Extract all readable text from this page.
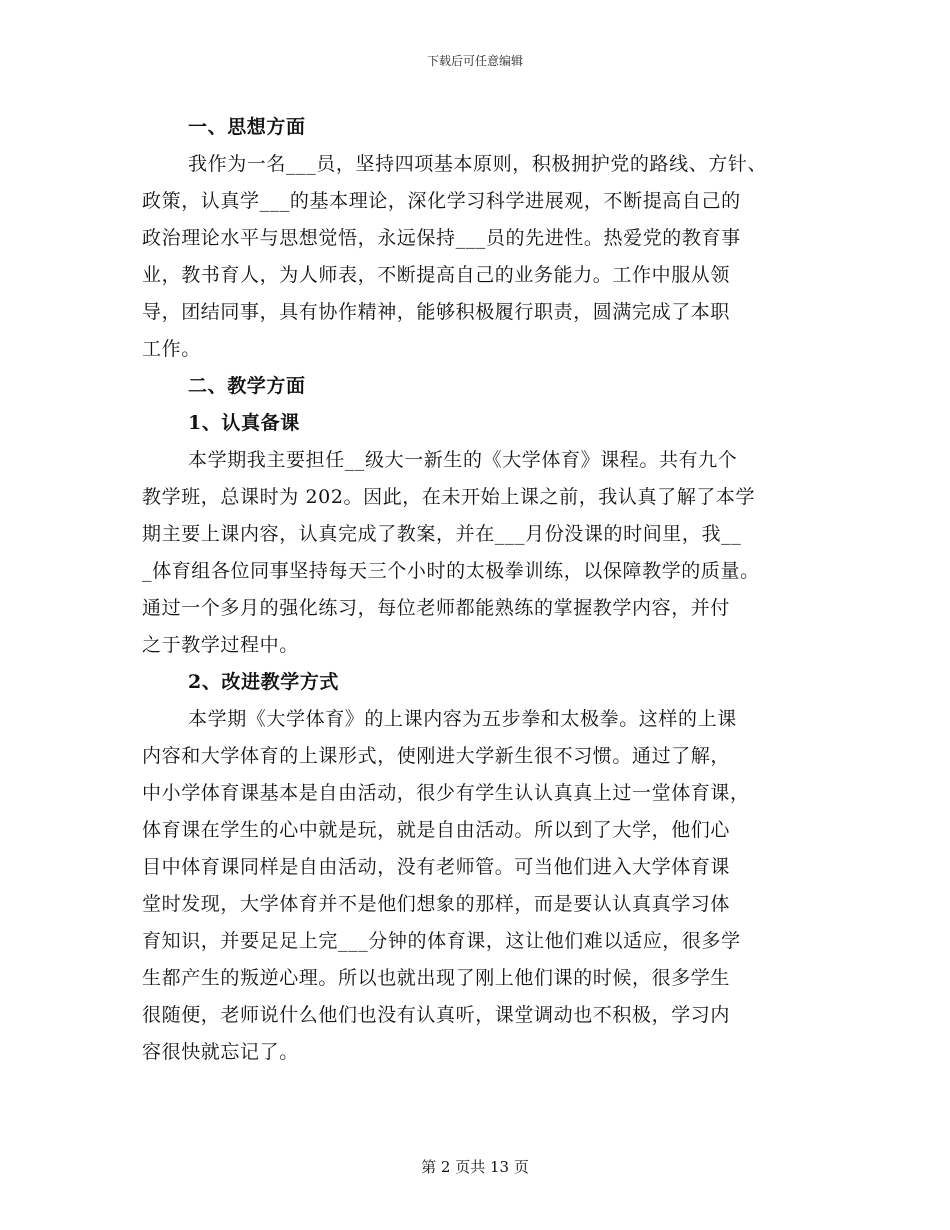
下载后可任意编辑
一、思想方面
我作为一名___员，坚持四项基本原则，积极拥护党的路线、方针、
政策，认真学___的基本理论，深化学习科学进展观，不断提高自己的
政治理论水平与思想觉悟，永远保持___员的先进性。热爱党的教育事
业，教书育人，为人师表，不断提高自己的业务能力。工作中服从领
导，团结同事，具有协作精神，能够积极履行职责，圆满完成了本职
工作。
二、教学方面
1、认真备课
本学期我主要担任__级大一新生的《大学体育》课程。共有九个
教学班，总课时为 202。因此，在未开始上课之前，我认真了解了本学
期主要上课内容，认真完成了教案，并在___月份没课的时间里，我__
_体育组各位同事坚持每天三个小时的太极拳训练，以保障教学的质量。
通过一个多月的强化练习，每位老师都能熟练的掌握教学内容，并付
之于教学过程中。
2、改进教学方式
本学期《大学体育》的上课内容为五步拳和太极拳。这样的上课
内容和大学体育的上课形式，使刚进大学新生很不习惯。通过了解，
中小学体育课基本是自由活动，很少有学生认认真真上过一堂体育课，
体育课在学生的心中就是玩，就是自由活动。所以到了大学，他们心
目中体育课同样是自由活动，没有老师管。可当他们进入大学体育课
堂时发现，大学体育并不是他们想象的那样，而是要认认真真学习体
育知识，并要足足上完___分钟的体育课，这让他们难以适应，很多学
生都产生的叛逆心理。所以也就出现了刚上他们课的时候，很多学生
很随便，老师说什么他们也没有认真听，课堂调动也不积极，学习内
容很快就忘记了。
第 2 页共 13 页
